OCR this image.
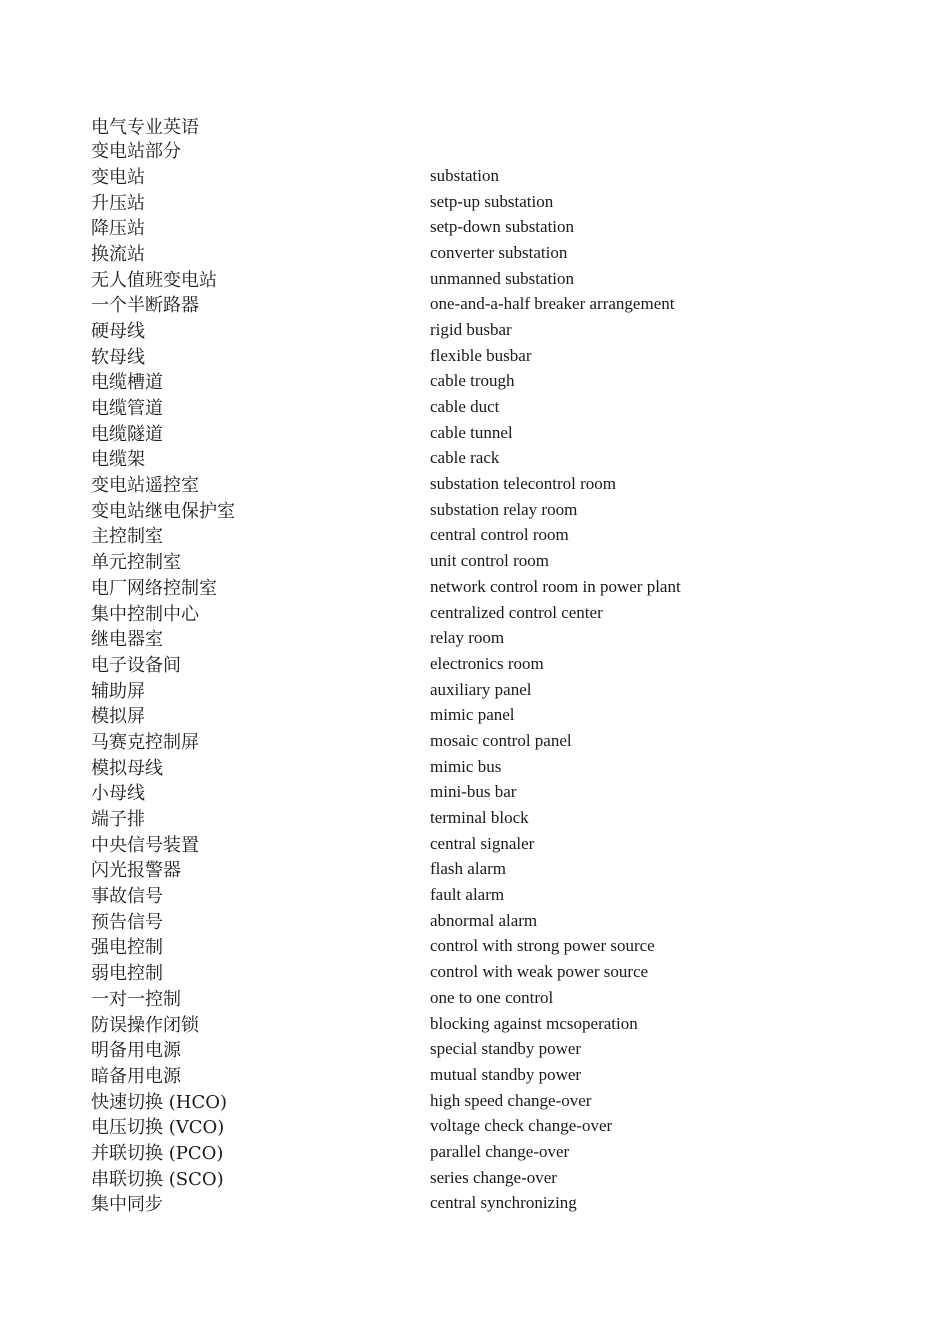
电气专业英语
变电站部分
变电站	substation
升压站	setp-up substation
降压站	setp-down substation
换流站	converter substation
无人值班变电站	unmanned substation
一个半断路器	one-and-a-half breaker arrangement
硬母线	rigid busbar
软母线	flexible busbar
电缆槽道	cable trough
电缆管道	cable duct
电缆隧道	cable tunnel
电缆架	cable rack
变电站遥控室	substation telecontrol room
变电站继电保护室	substation relay room
主控制室	central control room
单元控制室	unit control room
电厂网络控制室	network control room in power plant
集中控制中心	centralized control center
继电器室	relay room
电子设备间	electronics room
辅助屏	auxiliary panel
模拟屏	mimic panel
马赛克控制屏	mosaic control panel
模拟母线	mimic bus
小母线	mini-bus bar
端子排	terminal block
中央信号装置	central signaler
闪光报警器	flash alarm
事故信号	fault alarm
预告信号	abnormal alarm
强电控制	control with strong power source
弱电控制	control with weak power source
一对一控制	one to one control
防误操作闭锁	blocking against mcsoperation
明备用电源	special standby power
暗备用电源	mutual standby power
快速切换 (HCO)	high speed change-over
电压切换 (VCO)	voltage check change-over
并联切换 (PCO)	parallel change-over
串联切换 (SCO)	series change-over
集中同步	central synchronizing
